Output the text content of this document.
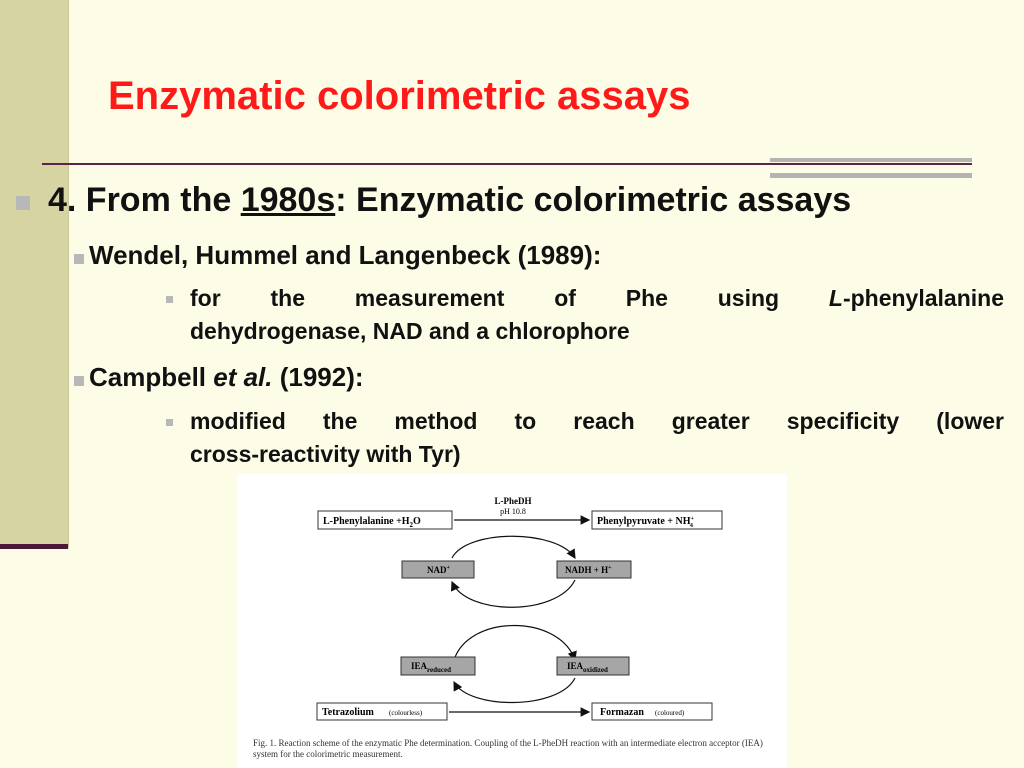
Enzymatic colorimetric assays
4. From the 1980s: Enzymatic colorimetric assays
Wendel, Hummel and Langenbeck (1989):
for the measurement of Phe using L-phenylalanine
dehydrogenase, NAD and a chlorophore
Campbell et al. (1992):
modified the method to reach greater specificity (lower
cross-reactivity with Tyr)
L-PheDH
pH 10.8
L-Phenylalanine $+H_2O$	Phenylpyruvate + NH+ 4
NAD+	NADH + H+
$IEA_{reduced}$	$IEA_{oxidized}$
Tetrazolium (colourless)	Formazan (coloured)
Fig. 1. Reaction scheme of the enzymatic Phe determination. Coupling of the L-PheDH reaction with an intermediate electron acceptor (IEA) system for the colorimetric measurement.
